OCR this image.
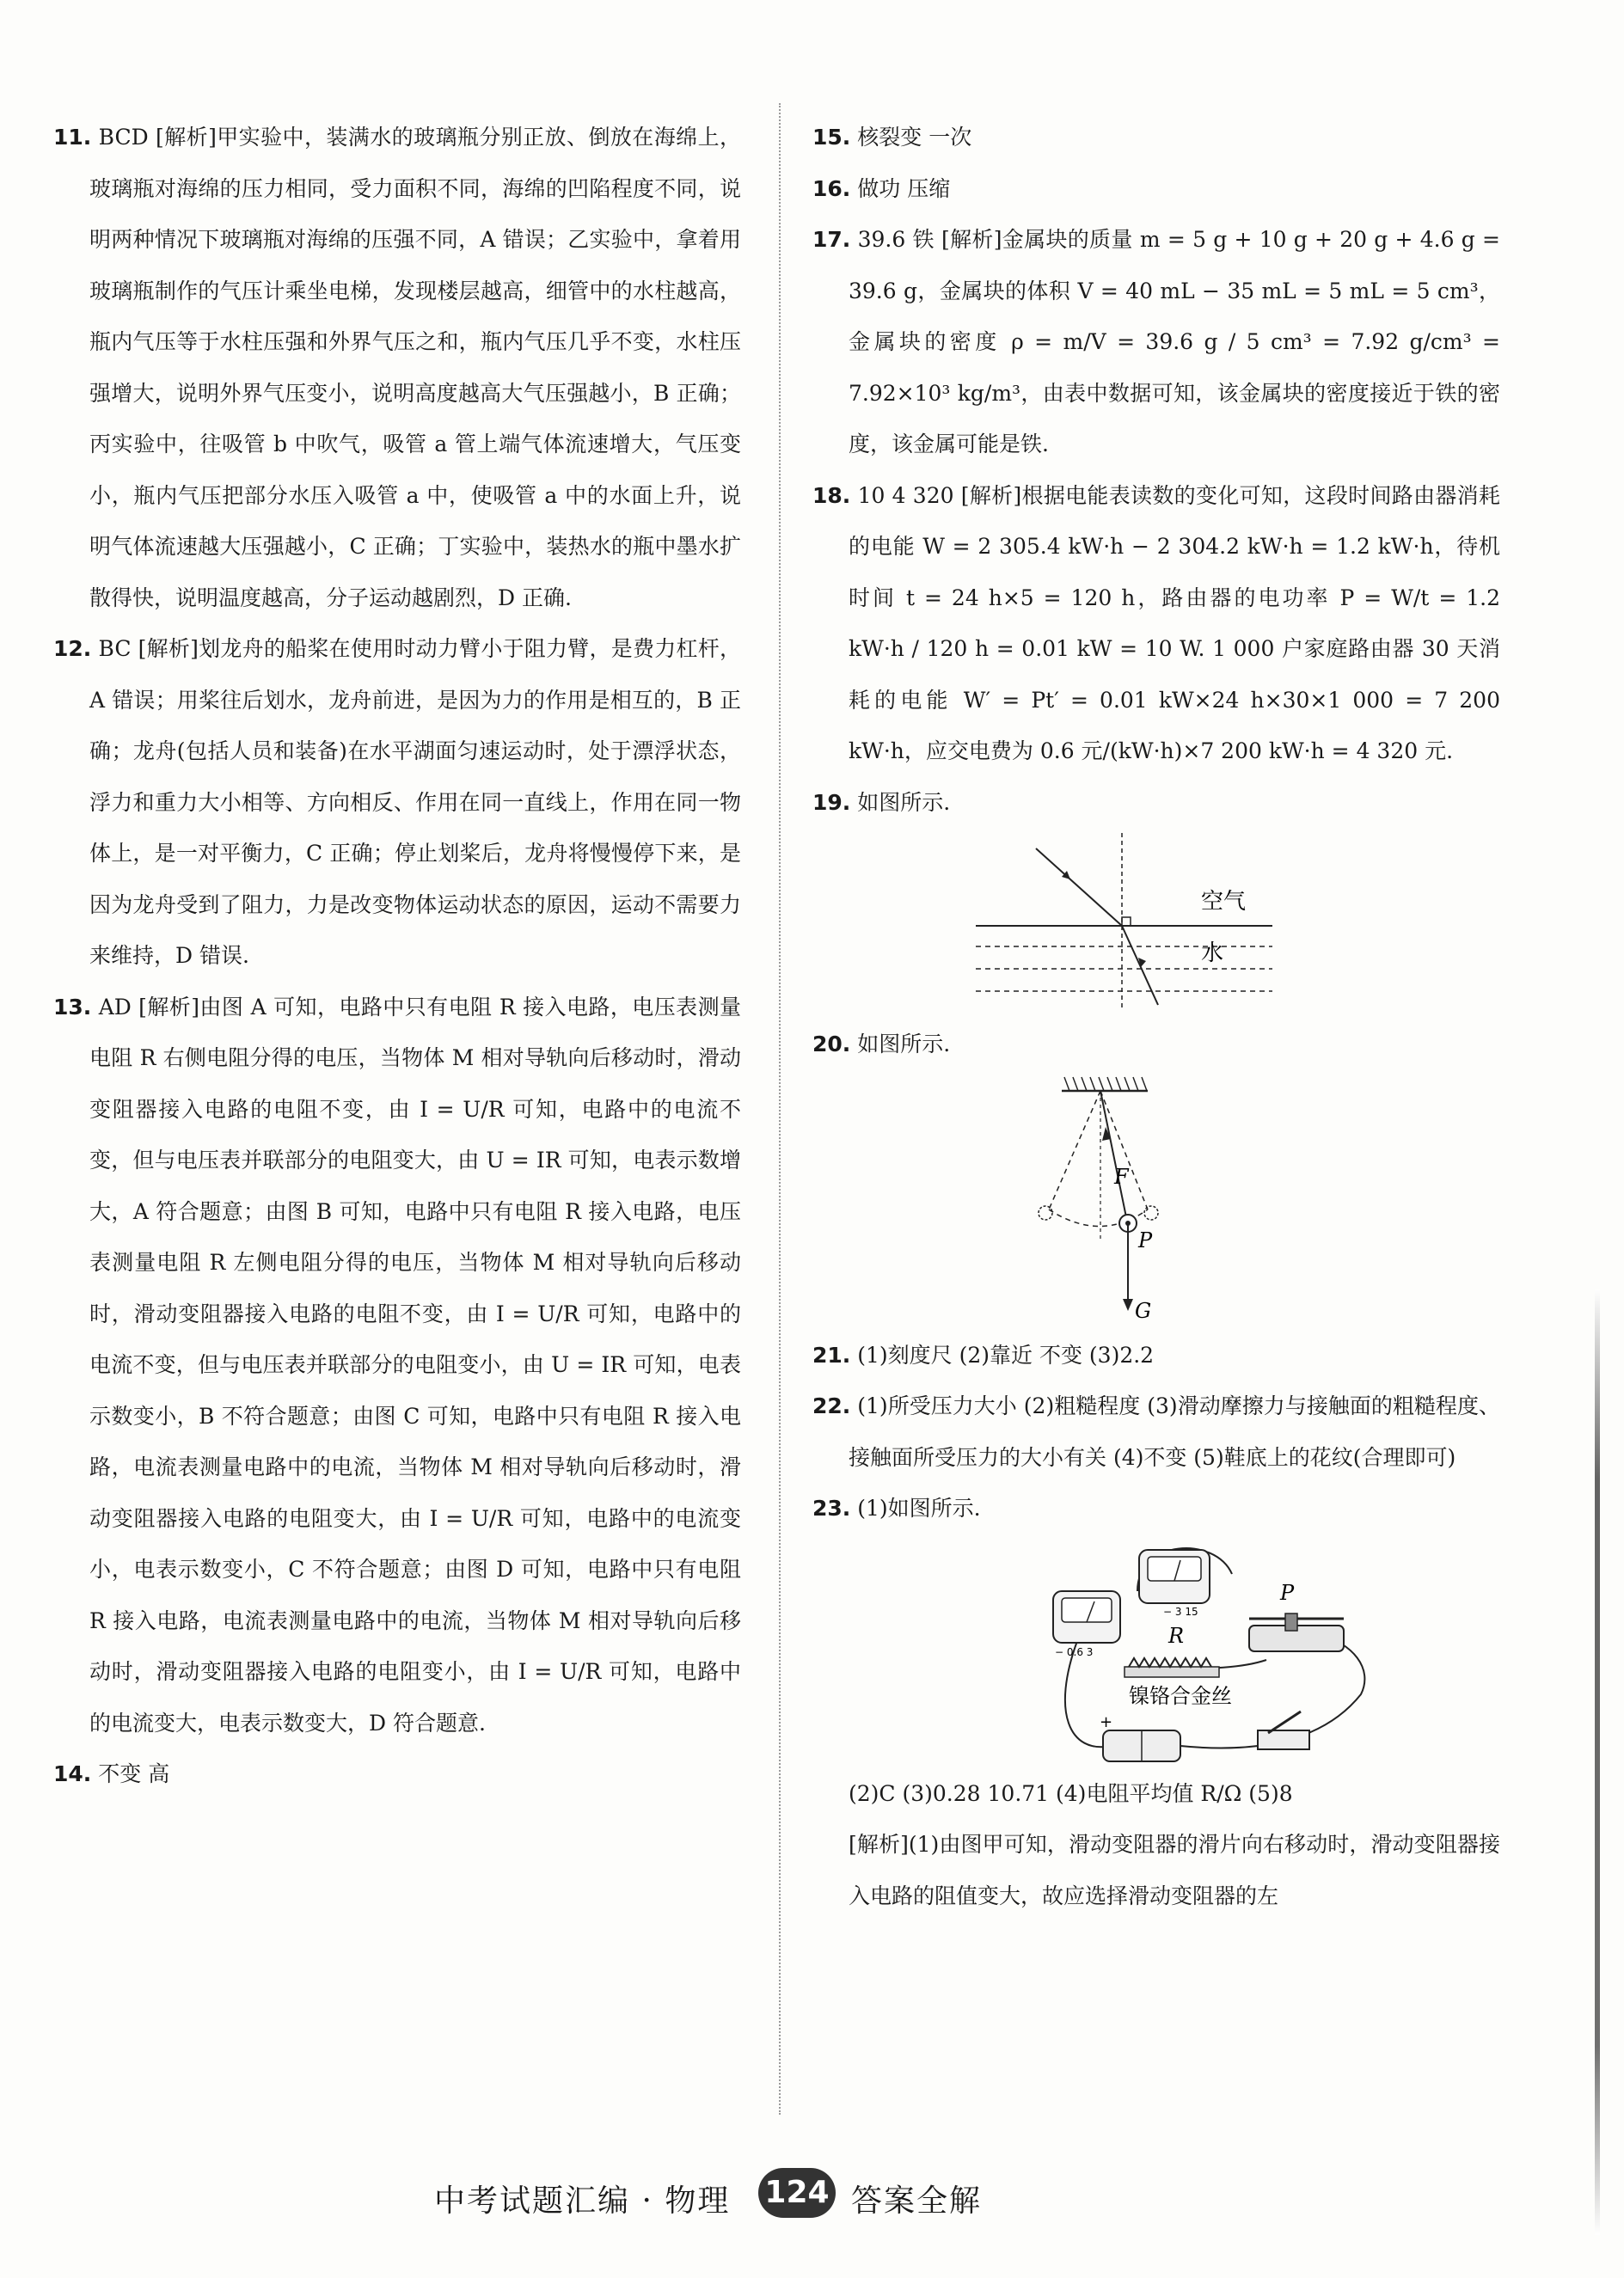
11. BCD [解析]甲实验中，装满水的玻璃瓶分别正放、倒放在海绵上，玻璃瓶对海绵的压力相同，受力面积不同，海绵的凹陷程度不同，说明两种情况下玻璃瓶对海绵的压强不同，A 错误；乙实验中，拿着用玻璃瓶制作的气压计乘坐电梯，发现楼层越高，细管中的水柱越高，瓶内气压等于水柱压强和外界气压之和，瓶内气压几乎不变，水柱压强增大，说明外界气压变小，说明高度越高大气压强越小，B 正确；丙实验中，往吸管 b 中吹气，吸管 a 管上端气体流速增大，气压变小，瓶内气压把部分水压入吸管 a 中，使吸管 a 中的水面上升，说明气体流速越大压强越小，C 正确；丁实验中，装热水的瓶中墨水扩散得快，说明温度越高，分子运动越剧烈，D 正确.

12. BC [解析]划龙舟的船桨在使用时动力臂小于阻力臂，是费力杠杆，A 错误；用桨往后划水，龙舟前进，是因为力的作用是相互的，B 正确；龙舟(包括人员和装备)在水平湖面匀速运动时，处于漂浮状态，浮力和重力大小相等、方向相反、作用在同一直线上，作用在同一物体上，是一对平衡力，C 正确；停止划桨后，龙舟将慢慢停下来，是因为龙舟受到了阻力，力是改变物体运动状态的原因，运动不需要力来维持，D 错误.

13. AD [解析]由图 A 可知，电路中只有电阻 R 接入电路，电压表测量电阻 R 右侧电阻分得的电压，当物体 M 相对导轨向后移动时，滑动变阻器接入电路的电阻不变，由 I = U/R 可知，电路中的电流不变，但与电压表并联部分的电阻变大，由 U = IR 可知，电表示数增大，A 符合题意；由图 B 可知，电路中只有电阻 R 接入电路，电压表测量电阻 R 左侧电阻分得的电压，当物体 M 相对导轨向后移动时，滑动变阻器接入电路的电阻不变，由 I = U/R 可知，电路中的电流不变，但与电压表并联部分的电阻变小，由 U = IR 可知，电表示数变小，B 不符合题意；由图 C 可知，电路中只有电阻 R 接入电路，电流表测量电路中的电流，当物体 M 相对导轨向后移动时，滑动变阻器接入电路的电阻变大，由 I = U/R 可知，电路中的电流变小，电表示数变小，C 不符合题意；由图 D 可知，电路中只有电阻 R 接入电路，电流表测量电路中的电流，当物体 M 相对导轨向后移动时，滑动变阻器接入电路的电阻变小，由 I = U/R 可知，电路中的电流变大，电表示数变大，D 符合题意.

14. 不变 高

15. 核裂变 一次

16. 做功 压缩

17. 39.6 铁 [解析]金属块的质量 m = 5 g + 10 g + 20 g + 4.6 g = 39.6 g，金属块的体积 V = 40 mL − 35 mL = 5 mL = 5 cm³，金属块的密度 ρ = m/V = 39.6 g / 5 cm³ = 7.92 g/cm³ = 7.92×10³ kg/m³，由表中数据可知，该金属块的密度接近于铁的密度，该金属可能是铁.

18. 10 4 320 [解析]根据电能表读数的变化可知，这段时间路由器消耗的电能 W = 2 305.4 kW·h − 2 304.2 kW·h = 1.2 kW·h，待机时间 t = 24 h×5 = 120 h，路由器的电功率 P = W/t = 1.2 kW·h / 120 h = 0.01 kW = 10 W. 1 000 户家庭路由器 30 天消耗的电能 W′ = Pt′ = 0.01 kW×24 h×30×1 000 = 7 200 kW·h，应交电费为 0.6 元/(kW·h)×7 200 kW·h = 4 320 元.

19. 如图所示.

空气
水

20. 如图所示.

F
P
G

21. (1)刻度尺 (2)靠近 不变 (3)2.2

22. (1)所受压力大小 (2)粗糙程度 (3)滑动摩擦力与接触面的粗糙程度、接触面所受压力的大小有关 (4)不变 (5)鞋底上的花纹(合理即可)

23. (1)如图所示.

− 0.6 3
− 3 15
R
镍铬合金丝
P
+

(2)C (3)0.28 10.71 (4)电阻平均值 R/Ω (5)8

[解析](1)由图甲可知，滑动变阻器的滑片向右移动时，滑动变阻器接入电路的阻值变大，故应选择滑动变阻器的左

中考试题汇编 · 物理 124 答案全解
